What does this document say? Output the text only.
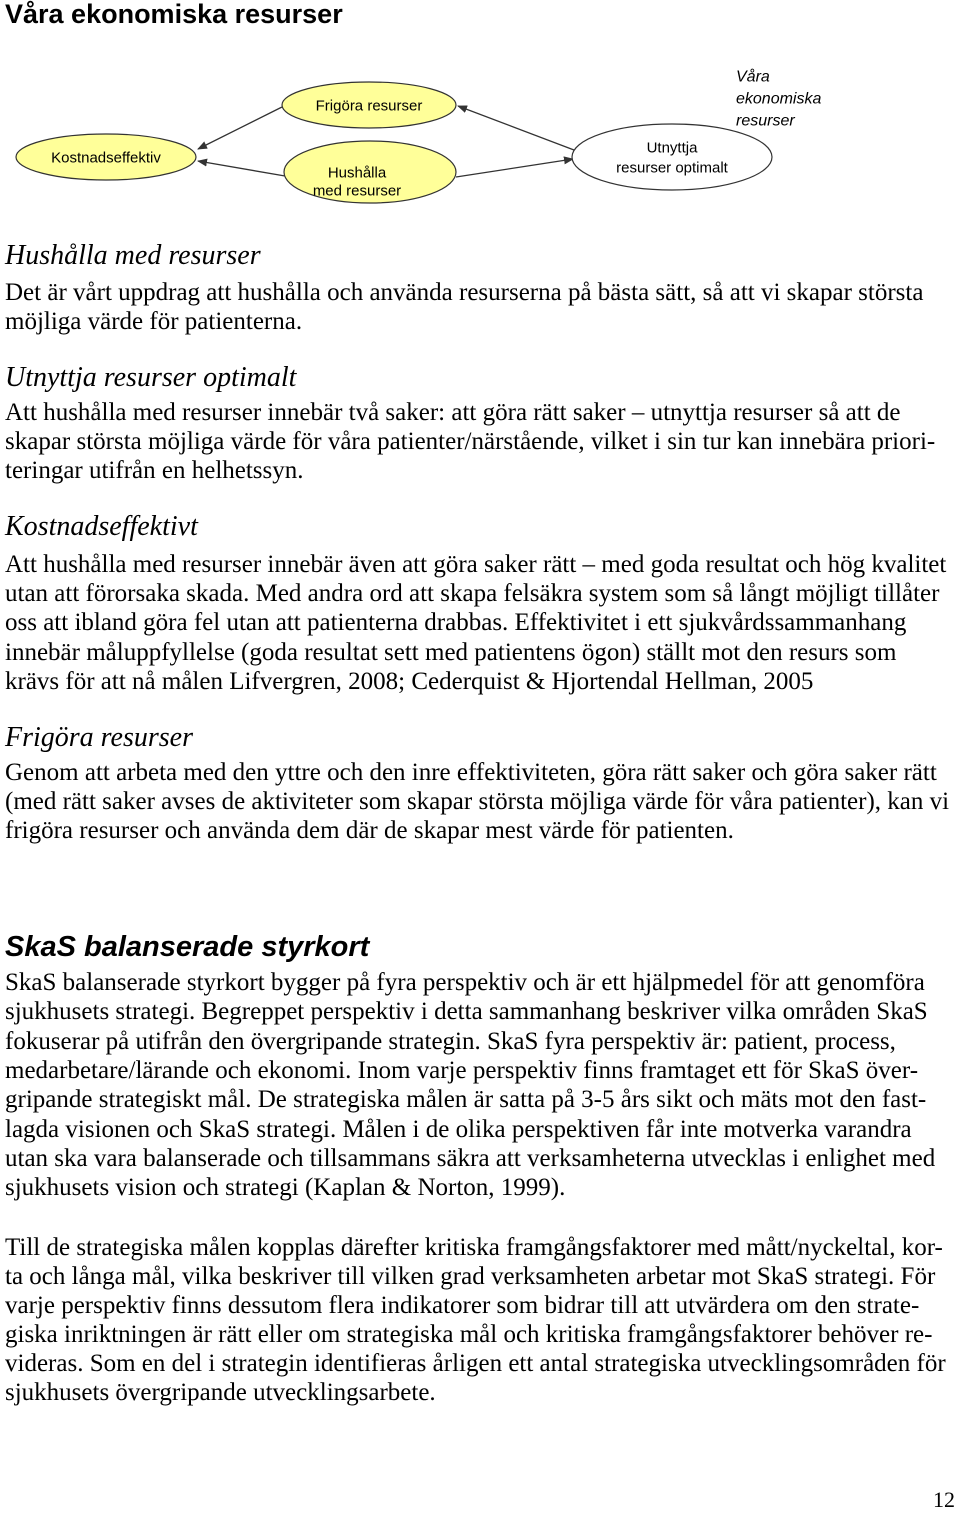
Våra ekonomiska resurser
Kostnadseffektiv
Frigöra resurser
Hushålla
med resurser
Utnyttja
resurser optimalt
Våra
ekonomiska
resurser
Hushålla med resurser
Det är vårt uppdrag att hushålla och använda resurserna på bästa sätt, så att vi skapar största
möjliga värde för patienterna.
Utnyttja resurser optimalt
Att hushålla med resurser innebär två saker: att göra rätt saker – utnyttja resurser så att de
skapar största möjliga värde för våra patienter/närstående, vilket i sin tur kan innebära priori-
teringar utifrån en helhetssyn.
Kostnadseffektivt
Att hushålla med resurser innebär även att göra saker rätt – med goda resultat och hög kvalitet
utan att förorsaka skada. Med andra ord att skapa felsäkra system som så långt möjligt tillåter
oss att ibland göra fel utan att patienterna drabbas. Effektivitet i ett sjukvårdssammanhang
innebär måluppfyllelse (goda resultat sett med patientens ögon) ställt mot den resurs som
krävs för att nå målen Lifvergren, 2008; Cederquist & Hjortendal Hellman, 2005
Frigöra resurser
Genom att arbeta med den yttre och den inre effektiviteten, göra rätt saker och göra saker rätt
(med rätt saker avses de aktiviteter som skapar största möjliga värde för våra patienter), kan vi
frigöra resurser och använda dem där de skapar mest värde för patienten.
SkaS balanserade styrkort
SkaS balanserade styrkort bygger på fyra perspektiv och är ett hjälpmedel för att genomföra
sjukhusets strategi. Begreppet perspektiv i detta sammanhang beskriver vilka områden SkaS
fokuserar på utifrån den övergripande strategin. SkaS fyra perspektiv är: patient, process,
medarbetare/lärande och ekonomi. Inom varje perspektiv finns framtaget ett för SkaS över-
gripande strategiskt mål. De strategiska målen är satta på 3-5 års sikt och mäts mot den fast-
lagda visionen och SkaS strategi. Målen i de olika perspektiven får inte motverka varandra
utan ska vara balanserade och tillsammans säkra att verksamheterna utvecklas i enlighet med
sjukhusets vision och strategi (Kaplan & Norton, 1999).
Till de strategiska målen kopplas därefter kritiska framgångsfaktorer med mått/nyckeltal, kor-
ta och långa mål, vilka beskriver till vilken grad verksamheten arbetar mot SkaS strategi. För
varje perspektiv finns dessutom flera indikatorer som bidrar till att utvärdera om den strate-
giska inriktningen är rätt eller om strategiska mål och kritiska framgångsfaktorer behöver re-
videras. Som en del i strategin identifieras årligen ett antal strategiska utvecklingsområden för
sjukhusets övergripande utvecklingsarbete.
12
